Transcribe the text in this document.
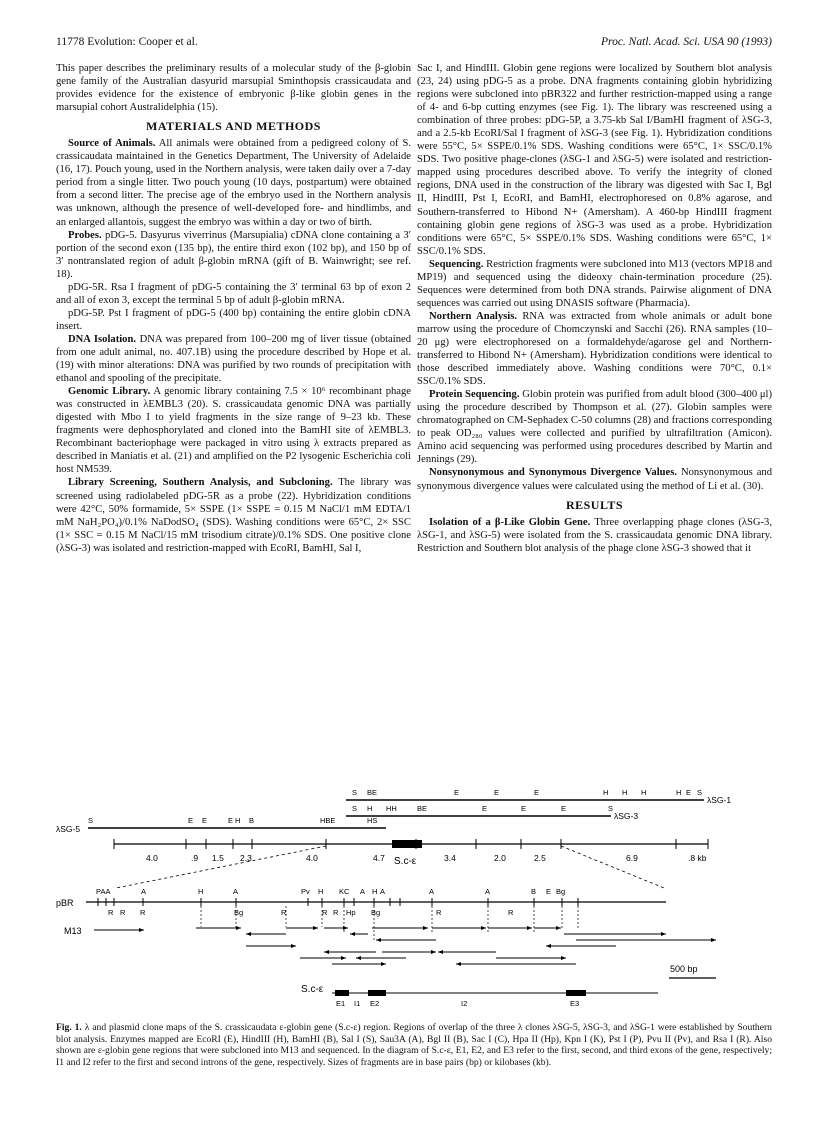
11778 Evolution: Cooper et al.	Proc. Natl. Acad. Sci. USA 90 (1993)

This paper describes the preliminary results of a molecular study of the β-globin gene family of the Australian dasyurid marsupial Sminthopsis crassicaudata and provides evidence for the existence of embryonic β-like globin genes in the marsupial cohort Australidelphia (15).

MATERIALS AND METHODS

Source of Animals. All animals were obtained from a pedigreed colony of S. crassicaudata maintained in the Genetics Department, The University of Adelaide (16, 17). Pouch young, used in the Northern analysis, were taken daily over a 7-day period from a single litter. Two pouch young (10 days, postpartum) were obtained from a second litter. The precise age of the embryo used in the Northern analysis was unknown, although the presence of well-developed fore- and hindlimbs, and an enlarged allantois, suggest the embryo was within a day or two of birth.

Probes. pDG-5. Dasyurus viverrinus (Marsupialia) cDNA clone containing a 3′ portion of the second exon (135 bp), the entire third exon (102 bp), and 150 bp of 3′ nontranslated region of adult β-globin mRNA (gift of B. Wainwright; see ref. 18).

pDG-5R. Rsa I fragment of pDG-5 containing the 3′ terminal 63 bp of exon 2 and all of exon 3, except the terminal 5 bp of adult β-globin mRNA.

pDG-5P. Pst I fragment of pDG-5 (400 bp) containing the entire globin cDNA insert.

DNA Isolation. DNA was prepared from 100–200 mg of liver tissue (obtained from one adult animal, no. 407.1B) using the procedure described by Hope et al. (19) with minor alterations: DNA was purified by two rounds of precipitation with ethanol and spooling of the precipitate.

Genomic Library. A genomic library containing 7.5 × 10⁶ recombinant phage was constructed in λEMBL3 (20). S. crassicaudata genomic DNA was partially digested with Mbo I to yield fragments in the size range of 9–23 kb. These fragments were dephosphorylated and cloned into the BamHI site of λEMBL3. Recombinant bacteriophage were packaged in vitro using λ extracts prepared as described in Maniatis et al. (21) and amplified on the P2 lysogenic Escherichia coli host NM539.

Library Screening, Southern Analysis, and Subcloning. The library was screened using radiolabeled pDG-5R as a probe (22). Hybridization conditions were 42°C, 50% formamide, 5× SSPE (1× SSPE = 0.15 M NaCl/1 mM EDTA/1 mM NaH₂PO₄)/0.1% NaDodSO₄ (SDS). Washing conditions were 65°C, 2× SSC (1× SSC = 0.15 M NaCl/15 mM trisodium citrate)/0.1% SDS. One positive clone (λSG-3) was isolated and restriction-mapped with EcoRI, BamHI, Sal I,

Sac I, and HindIII. Globin gene regions were localized by Southern blot analysis (23, 24) using pDG-5 as a probe. DNA fragments containing globin hybridizing regions were subcloned into pBR322 and further restriction-mapped using a range of 4- and 6-bp cutting enzymes (see Fig. 1). The library was rescreened using a combination of three probes: pDG-5P, a 3.75-kb Sal I/BamHI fragment of λSG-3, and a 2.5-kb EcoRI/Sal I fragment of λSG-3 (see Fig. 1). Hybridization conditions were 55°C, 5× SSPE/0.1% SDS. Washing conditions were 65°C, 1× SSC/0.1% SDS. Two positive phage-clones (λSG-1 and λSG-5) were isolated and restriction-mapped using procedures described above. To verify the integrity of cloned regions, DNA used in the construction of the library was digested with Sac I, Bgl II, HindIII, Pst I, EcoRI, and BamHI, electrophoresed on 0.8% agarose, and Southern-transferred to Hibond N+ (Amersham). A 460-bp HindIII fragment containing globin gene regions of λSG-3 was used as a probe. Hybridization conditions were 65°C, 5× SSPE/0.1% SDS. Washing conditions were 65°C, 1× SSC/0.1% SDS.

Sequencing. Restriction fragments were subcloned into M13 (vectors MP18 and MP19) and sequenced using the dideoxy chain-termination procedure (25). Sequences were determined from both DNA strands. Pairwise alignment of DNA sequences was carried out using DNASIS software (Pharmacia).

Northern Analysis. RNA was extracted from whole animals or adult bone marrow using the procedure of Chomczynski and Sacchi (26). RNA samples (10–20 μg) were electrophoresed on a formaldehyde/agarose gel and Northern-transferred to Hibond N+ (Amersham). Hybridization conditions were identical to those described immediately above. Washing conditions were 70°C, 0.1× SSC/0.1% SDS.

Protein Sequencing. Globin protein was purified from adult blood (300–400 μl) using the procedure described by Thompson et al. (27). Globin samples were chromatographed on CM-Sephadex C-50 columns (28) and fractions corresponding to peak OD₂₈₀ values were collected and purified by ultrafiltration (Amicon). Amino acid sequencing was performed using procedures described by Martin and Jennings (29).

Nonsynonymous and Synonymous Divergence Values. Nonsynonymous and synonymous divergence values were calculated using the method of Li et al. (30).

RESULTS

Isolation of a β-Like Globin Gene. Three overlapping phage clones (λSG-3, λSG-1, and λSG-5) were isolated from the S. crassicaudata genomic DNA library. Restriction and Southern blot analysis of the phage clone λSG-3 showed that it

S BE	E	E	E	H H H	H E S
λSG-1
S H HH	BE	E	E	E	S
λSG-3
λSG-5
S	E E	E H B	HBE	HS
4.0	.9 1.5 2.3	4.0	4.7	3.4	2.0	2.5	6.9	.8 kb
S.c-ε
pBR
PAA	A	H	A	Pv H KC A H A	A	A	B E Bg
R R R	Bg	R	R R Hp Bg	R	R
M13
S.c-ε
E1 I1 E2	I2	E3
500 bp
Fig. 1. λ and plasmid clone maps of the S. crassicaudata ε-globin gene (S.c-ε) region. Regions of overlap of the three λ clones λSG-5, λSG-3, and λSG-1 were established by Southern blot analysis. Enzymes mapped are EcoRI (E), HindIII (H), BamHI (B), Sal I (S), Sau3A (A), Bgl II (B), Sac I (C), Hpa II (Hp), Kpn I (K), Pst I (P), Pvu II (Pv), and Rsa I (R). Also shown are ε-globin gene regions that were subcloned into M13 and sequenced. In the diagram of S.c-ε, E1, E2, and E3 refer to the first, second, and third exons of the gene, respectively; I1 and I2 refer to the first and second introns of the gene, respectively. Sizes of fragments are in base pairs (bp) or kilobases (kb).
